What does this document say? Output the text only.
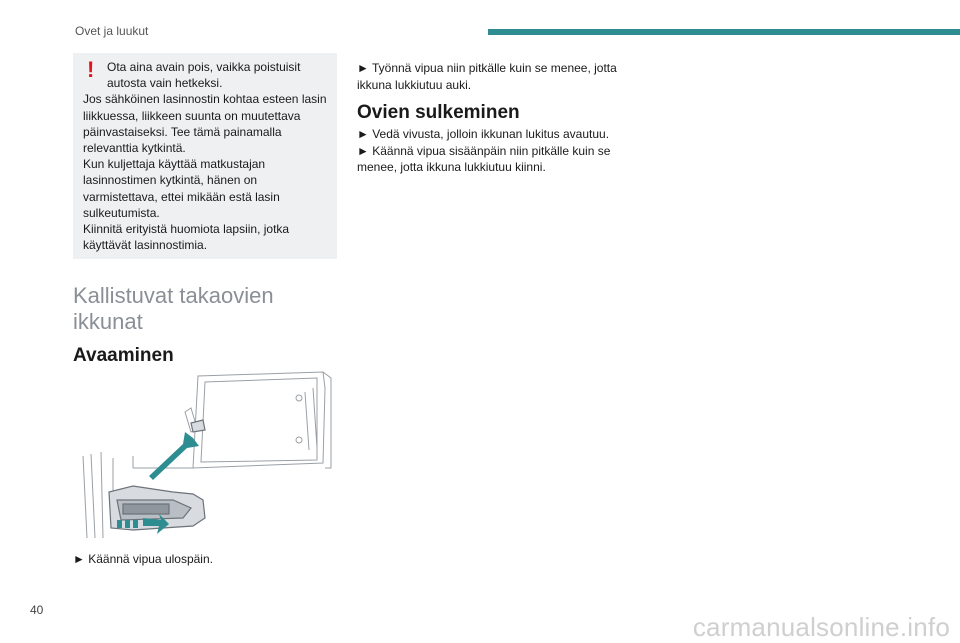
Ovet ja luukut
!	Ota aina avain pois, vaikka poistuisit autosta vain hetkeksi.

Jos sähköinen lasinnostin kohtaa esteen lasin liikkuessa, liikkeen suunta on muutettava päinvastaiseksi. Tee tämä painamalla relevanttia kytkintä.

Kun kuljettaja käyttää matkustajan lasinnostimen kytkintä, hänen on varmistettava, ettei mikään estä lasin sulkeutumista.

Kiinnitä erityistä huomiota lapsiin, jotka käyttävät lasinnostimia.

Kallistuvat takaovien ikkunat
Avaaminen
► Käännä vipua ulospäin.
► Työnnä vipua niin pitkälle kuin se menee, jotta ikkuna lukkiutuu auki.
Ovien sulkeminen

► Vedä vivusta, jolloin ikkunan lukitus avautuu.

► Käännä vipua sisäänpäin niin pitkälle kuin se menee, jotta ikkuna lukkiutuu kiinni.

40
carmanualsonline.info
